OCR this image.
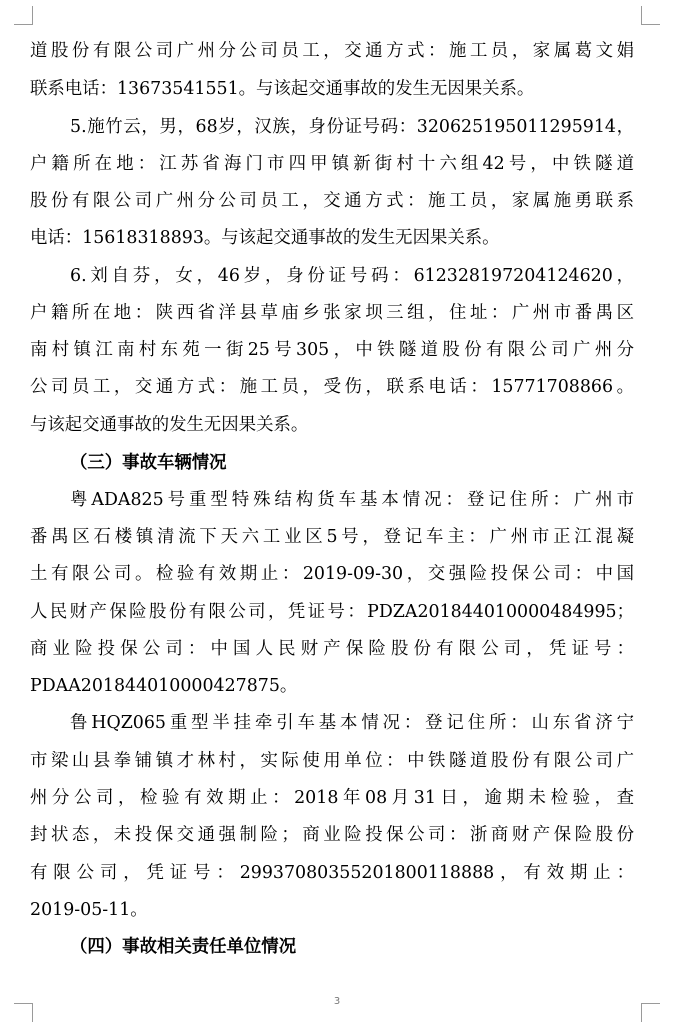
道股份有限公司广州分公司员工，交通方式：施工员，家属葛文娟
联系电话：13673541551。与该起交通事故的发生无因果关系。
5.施竹云，男，68岁，汉族，身份证号码：320625195011295914，
户籍所在地：江苏省海门市四甲镇新街村十六组42号，中铁隧道
股份有限公司广州分公司员工，交通方式：施工员，家属施勇联系
电话：15618318893。与该起交通事故的发生无因果关系。
6.刘自芬，女，46岁，身份证号码：612328197204124620，
户籍所在地：陕西省洋县草庙乡张家坝三组，住址：广州市番禺区
南村镇江南村东苑一街25号305，中铁隧道股份有限公司广州分
公司员工，交通方式：施工员，受伤，联系电话：15771708866。
与该起交通事故的发生无因果关系。
（三）事故车辆情况
粤ADA825号重型特殊结构货车基本情况：登记住所：广州市
番禺区石楼镇清流下天六工业区5号，登记车主：广州市正江混凝
土有限公司。检验有效期止：2019-09-30，交强险投保公司：中国
人民财产保险股份有限公司，凭证号：PDZA201844010000484995；
商业险投保公司：中国人民财产保险股份有限公司，凭证号：
PDAA201844010000427875。
鲁HQZ065重型半挂牵引车基本情况：登记住所：山东省济宁
市梁山县拳铺镇才林村，实际使用单位：中铁隧道股份有限公司广
州分公司，检验有效期止：2018年08月31日，逾期未检验，查
封状态，未投保交通强制险；商业险投保公司：浙商财产保险股份
有限公司，凭证号：29937080355201800118888，有效期止：
2019-05-11。
（四）事故相关责任单位情况
3
